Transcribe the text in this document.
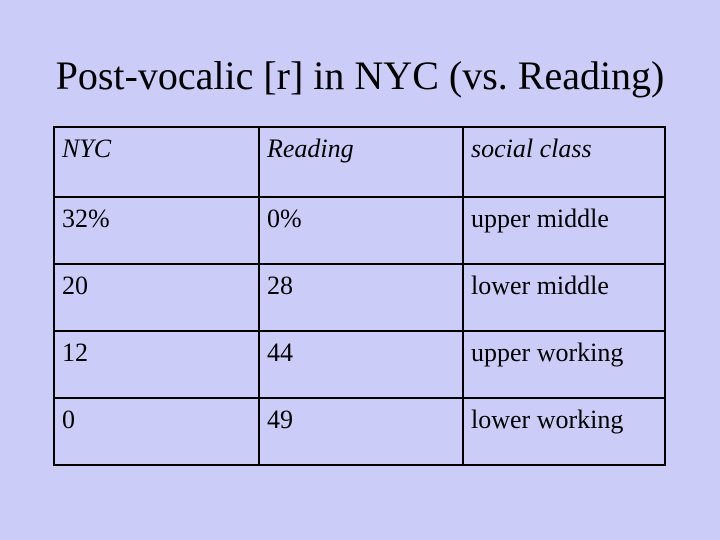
Post-vocalic [r] in NYC (vs. Reading)
NYC	Reading	social class
32%	0%	upper middle
20	28	lower middle
12	44	upper working
0	49	lower working
